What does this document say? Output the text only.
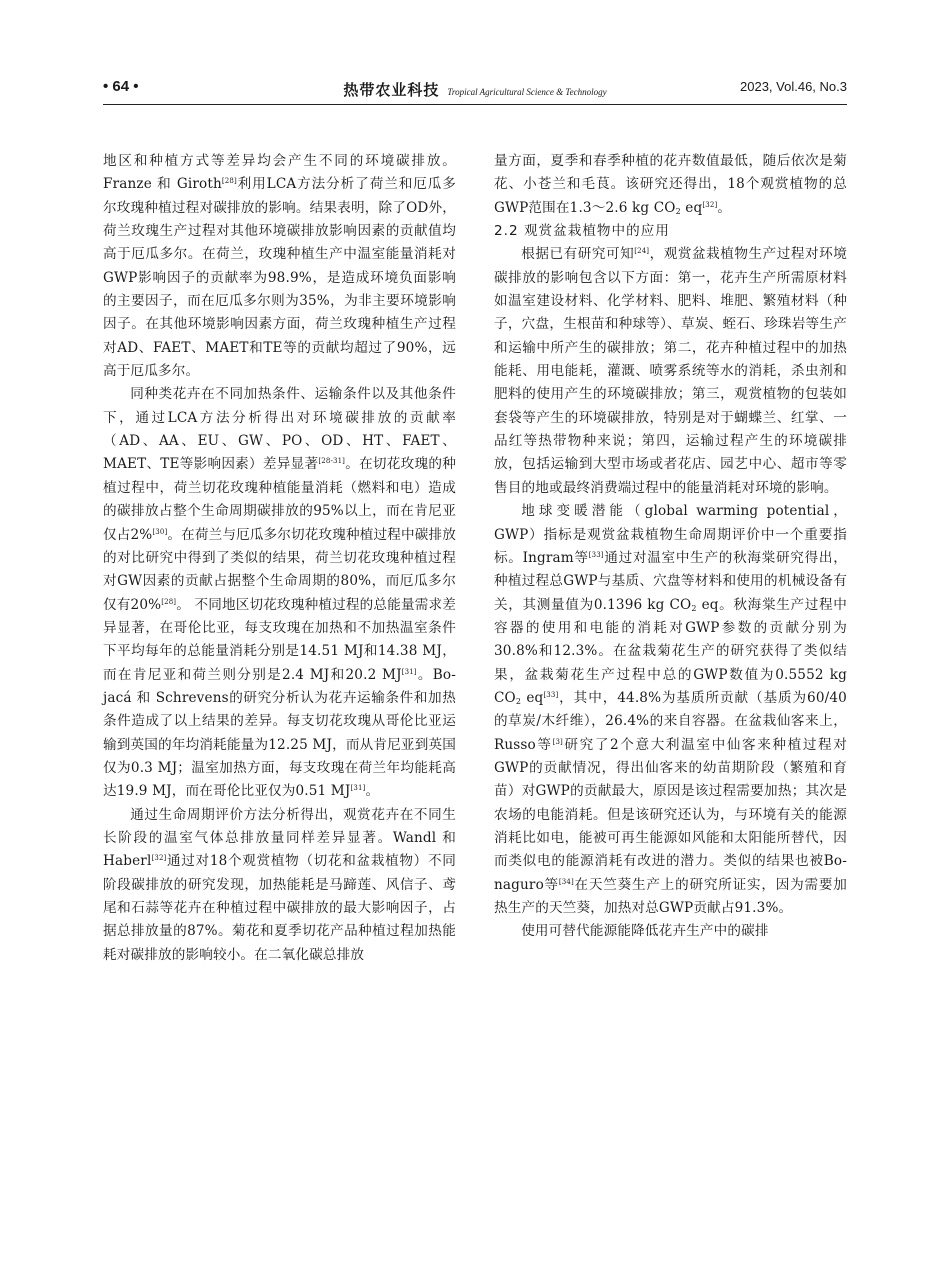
• 64 •	热带农业科技 Tropical Agricultural Science & Technology	2023, Vol.46, No.3

地区和种植方式等差异均会产生不同的环境碳排放。 Franze 和 Giroth[28]利用LCA方法分析了荷兰和厄瓜多尔玫瑰种植过程对碳排放的影响。结果表明，除了OD外，荷兰玫瑰生产过程对其他环境碳排放影响因素的贡献值均高于厄瓜多尔。在荷兰，玫瑰种植生产中温室能量消耗对GWP影响因子的贡献率为98.9%，是造成环境负面影响的主要因子，而在厄瓜多尔则为35%，为非主要环境影响因子。在其他环境影响因素方面，荷兰玫瑰种植生产过程对AD、FAET、MAET和TE等的贡献均超过了90%，远高于厄瓜多尔。

同种类花卉在不同加热条件、运输条件以及其他条件下，通过LCA方法分析得出对环境碳排放的贡献率（AD、AA、EU、GW、PO、OD、HT、FAET、MAET、TE等影响因素）差异显著[28-31]。在切花玫瑰的种植过程中，荷兰切花玫瑰种植能量消耗（燃料和电）造成的碳排放占整个生命周期碳排放的95%以上，而在肯尼亚仅占2%[30]。在荷兰与厄瓜多尔切花玫瑰种植过程中碳排放的对比研究中得到了类似的结果，荷兰切花玫瑰种植过程对GW因素的贡献占据整个生命周期的80%，而厄瓜多尔仅有20%[28]。 不同地区切花玫瑰种植过程的总能量需求差异显著，在哥伦比亚，每支玫瑰在加热和不加热温室条件下平均每年的总能量消耗分别是14.51 MJ和14.38 MJ，而在肯尼亚和荷兰则分别是2.4 MJ和20.2 MJ[31]。Bo-jacá 和 Schrevens的研究分析认为花卉运输条件和加热条件造成了以上结果的差异。每支切花玫瑰从哥伦比亚运输到英国的年均消耗能量为12.25 MJ，而从肯尼亚到英国仅为0.3 MJ；温室加热方面，每支玫瑰在荷兰年均能耗高达19.9 MJ，而在哥伦比亚仅为0.51 MJ[31]。

通过生命周期评价方法分析得出，观赏花卉在不同生长阶段的温室气体总排放量同样差异显著。Wandl 和 Haberl[32]通过对18个观赏植物（切花和盆栽植物）不同阶段碳排放的研究发现，加热能耗是马蹄莲、风信子、鸢尾和石蒜等花卉在种植过程中碳排放的最大影响因子，占据总排放量的87%。菊花和夏季切花产品种植过程加热能耗对碳排放的影响较小。在二氧化碳总排放

量方面，夏季和春季种植的花卉数值最低，随后依次是菊花、小苍兰和毛茛。该研究还得出，18个观赏植物的总GWP范围在1.3～2.6 kg $CO_2$ eq[32]。

2.2 观赏盆栽植物中的应用

根据已有研究可知[24]，观赏盆栽植物生产过程对环境碳排放的影响包含以下方面：第一，花卉生产所需原材料如温室建设材料、化学材料、肥料、堆肥、繁殖材料（种子，穴盘，生根苗和种球等）、草炭、蛭石、珍珠岩等生产和运输中所产生的碳排放；第二，花卉种植过程中的加热能耗、用电能耗，灌溉、喷雾系统等水的消耗，杀虫剂和肥料的使用产生的环境碳排放；第三，观赏植物的包装如套袋等产生的环境碳排放，特别是对于蝴蝶兰、红掌、一品红等热带物种来说；第四，运输过程产生的环境碳排放，包括运输到大型市场或者花店、园艺中心、超市等零售目的地或最终消费端过程中的能量消耗对环境的影响。

地球变暖潜能（global warming potential，GWP）指标是观赏盆栽植物生命周期评价中一个重要指标。Ingram等[33]通过对温室中生产的秋海棠研究得出，种植过程总GWP与基质、穴盘等材料和使用的机械设备有关，其测量值为0.1396 kg $CO_2$ eq。秋海棠生产过程中容器的使用和电能的消耗对GWP参数的贡献分别为30.8%和12.3%。在盆栽菊花生产的研究获得了类似结果，盆栽菊花生产过程中总的GWP数值为0.5552 kg $CO_2$ eq[33]，其中，44.8%为基质所贡献（基质为60/40的草炭/木纤维），26.4%的来自容器。在盆栽仙客来上，Russo等[3]研究了2个意大利温室中仙客来种植过程对GWP的贡献情况，得出仙客来的幼苗期阶段（繁殖和育苗）对GWP的贡献最大，原因是该过程需要加热；其次是农场的电能消耗。但是该研究还认为，与环境有关的能源消耗比如电，能被可再生能源如风能和太阳能所替代，因而类似电的能源消耗有改进的潜力。类似的结果也被Bo-naguro等[34]在天竺葵生产上的研究所证实，因为需要加热生产的天竺葵，加热对总GWP贡献占91.3%。

使用可替代能源能降低花卉生产中的碳排
